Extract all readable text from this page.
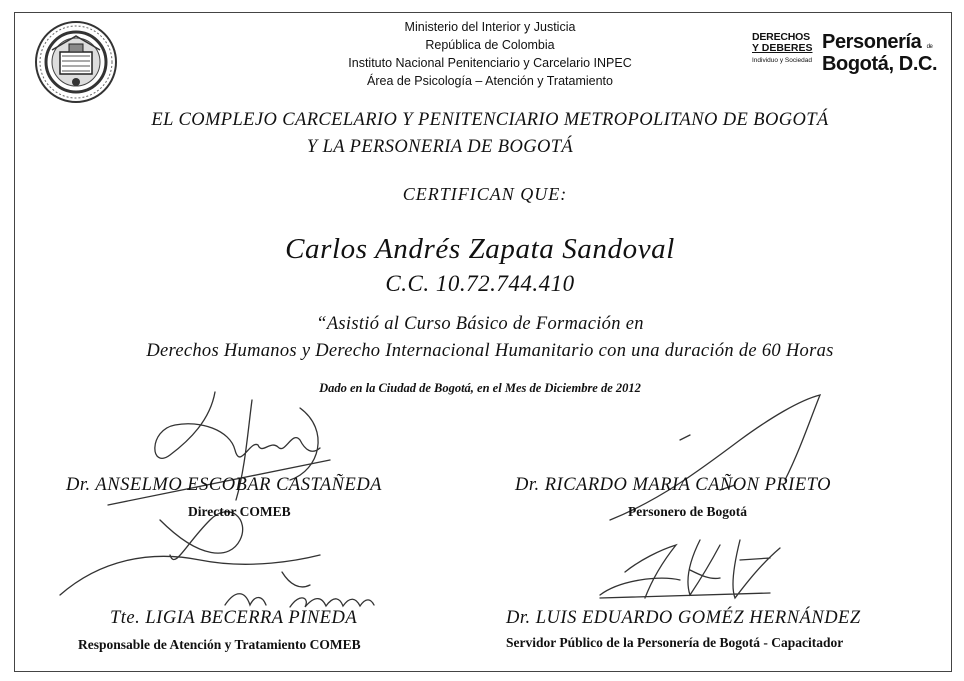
Ministerio del Interior y Justicia
República de Colombia
Instituto Nacional Penitenciario y Carcelario INPEC
Área de Psicología – Atención y Tratamiento
DERECHOS
Y DEBERES
Individuo y Sociedad
Personería de
Bogotá, D.C.
EL COMPLEJO CARCELARIO Y PENITENCIARIO METROPOLITANO DE BOGOTÁ
Y LA PERSONERIA DE BOGOTÁ
CERTIFICAN QUE:
Carlos Andrés Zapata Sandoval
C.C. 10.72.744.410
“Asistió al Curso Básico de Formación en
Derechos Humanos y Derecho Internacional Humanitario con una duración de 60 Horas
Dado en la Ciudad de Bogotá, en el Mes de Diciembre de 2012
Dr. ANSELMO ESCOBAR CASTAÑEDA
Director COMEB
Dr. RICARDO MARIA CAÑON PRIETO
Personero de Bogotá
Tte. LIGIA BECERRA PINEDA
Responsable de Atención y Tratamiento COMEB
Dr. LUIS EDUARDO GOMÉZ HERNÁNDEZ
Servidor Público de la Personería de Bogotá - Capacitador
